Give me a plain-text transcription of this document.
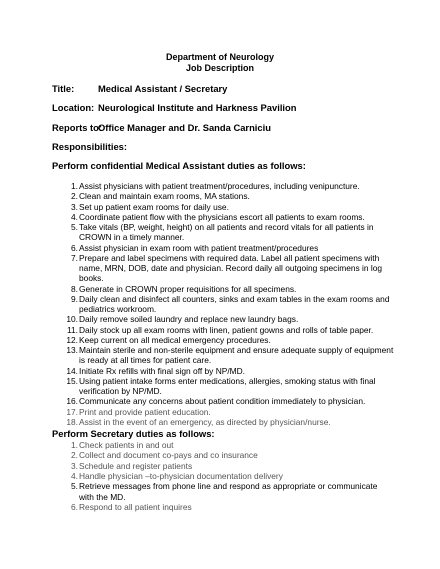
Department of Neurology
Job Description
Title:	Medical Assistant / Secretary
Location: Neurological Institute and Harkness Pavilion
Reports to:Office Manager and Dr. Sanda Carniciu
Responsibilities:
Perform confidential Medical Assistant duties as follows:
1 . Assist physicians with patient treatment/procedures, including venipuncture.
2 . Clean and maintain exam rooms, MA stations.
3 . Set up patient exam rooms for daily use.
4 . Coordinate patient flow with the physicians escort all patients to exam rooms.
5 . Take vitals (BP, weight, height) on all patients and record vitals for all patients in CROWN in a timely manner.
6 . Assist physician in exam room with patient treatment/procedures
7 . Prepare and label specimens with required data. Label all patient specimens with name, MRN, DOB, date and physician. Record daily all outgoing specimens in log books.
8 . Generate in CROWN proper requisitions for all specimens.
9 . Daily clean and disinfect all counters, sinks and exam tables in the exam rooms and pediatrics workroom.
10 . Daily remove soiled laundry and replace new laundry bags.
11 . Daily stock up all exam rooms with linen, patient gowns and rolls of table paper.
12 . Keep current on all medical emergency procedures.
13 . Maintain sterile and non-sterile equipment and ensure adequate supply of equipment is ready at all times for patient care.
14 . Initiate Rx refills with final sign off by NP/MD.
15 . Using patient intake forms enter medications, allergies, smoking status with final verification by NP/MD.
16 . Communicate any concerns about patient condition immediately to physician.
17 . Print and provide patient education.
18 . Assist in the event of an emergency, as directed by physician/nurse.
Perform Secretary duties as follows:
1 . Check patients in and out
2 . Collect and document co-pays and co insurance
3 . Schedule and register patients
4 . Handle physician –to-physician documentation delivery
5 . Retrieve messages from phone line and respond as appropriate or communicate with the MD.
6 . Respond to all patient inquires
